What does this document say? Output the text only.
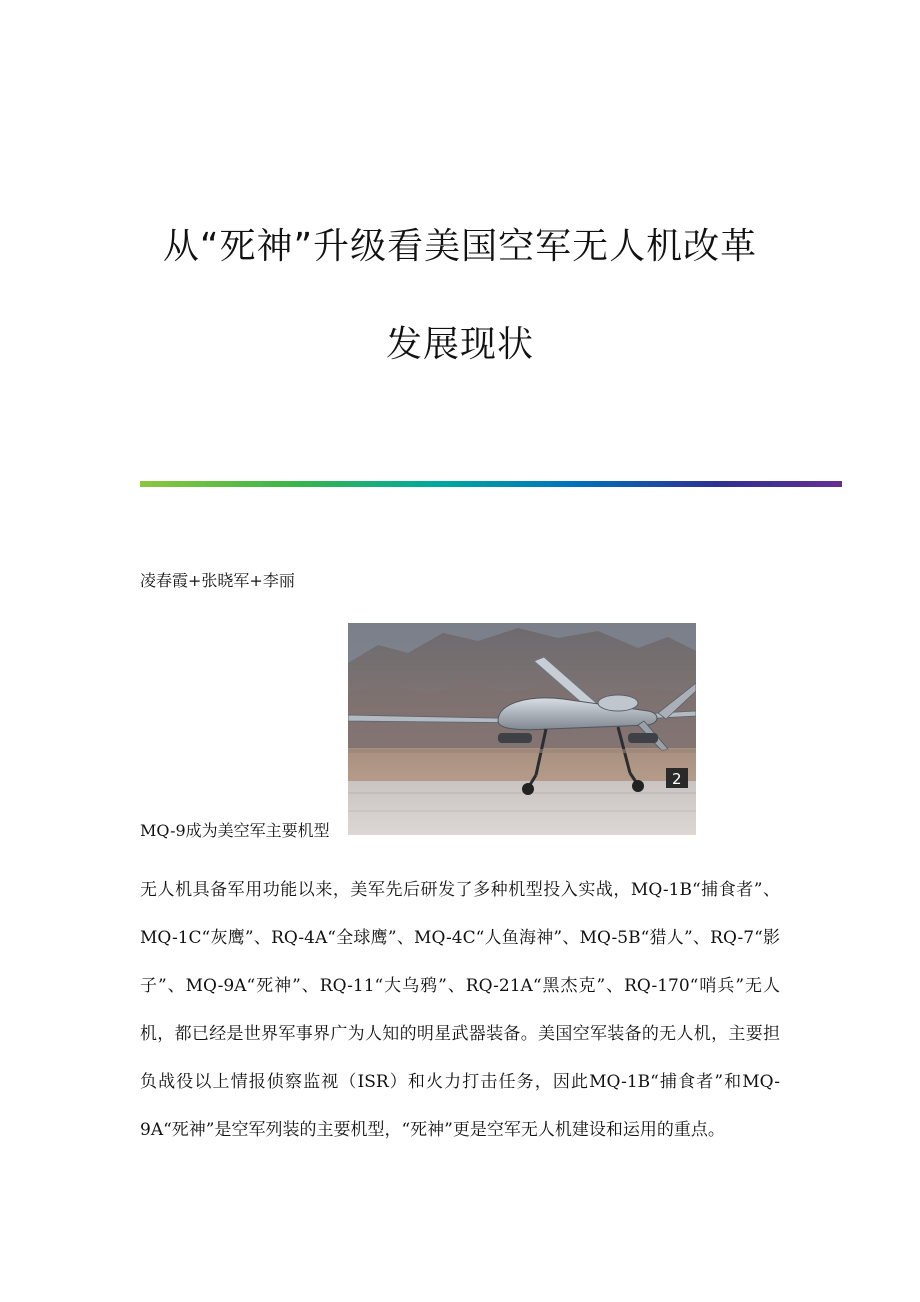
从“死神”升级看美国空军无人机改革
发展现状
凌春霞+张晓军+李丽
2
MQ-9成为美空军主要机型

无人机具备军用功能以来，美军先后研发了多种机型投入实战，MQ-1B“捕食者”、MQ-1C“灰鹰”、RQ-4A“全球鹰”、MQ-4C“人鱼海神”、MQ-5B“猎人”、RQ-7“影子”、MQ-9A“死神”、RQ-11“大乌鸦”、RQ-21A“黑杰克”、RQ-170“哨兵”无人机，都已经是世界军事界广为人知的明星武器装备。美国空军装备的无人机，主要担负战役以上情报侦察监视（ISR）和火力打击任务，因此MQ-1B“捕食者”和MQ-9A“死神”是空军列装的主要机型，“死神”更是空军无人机建设和运用的重点。
